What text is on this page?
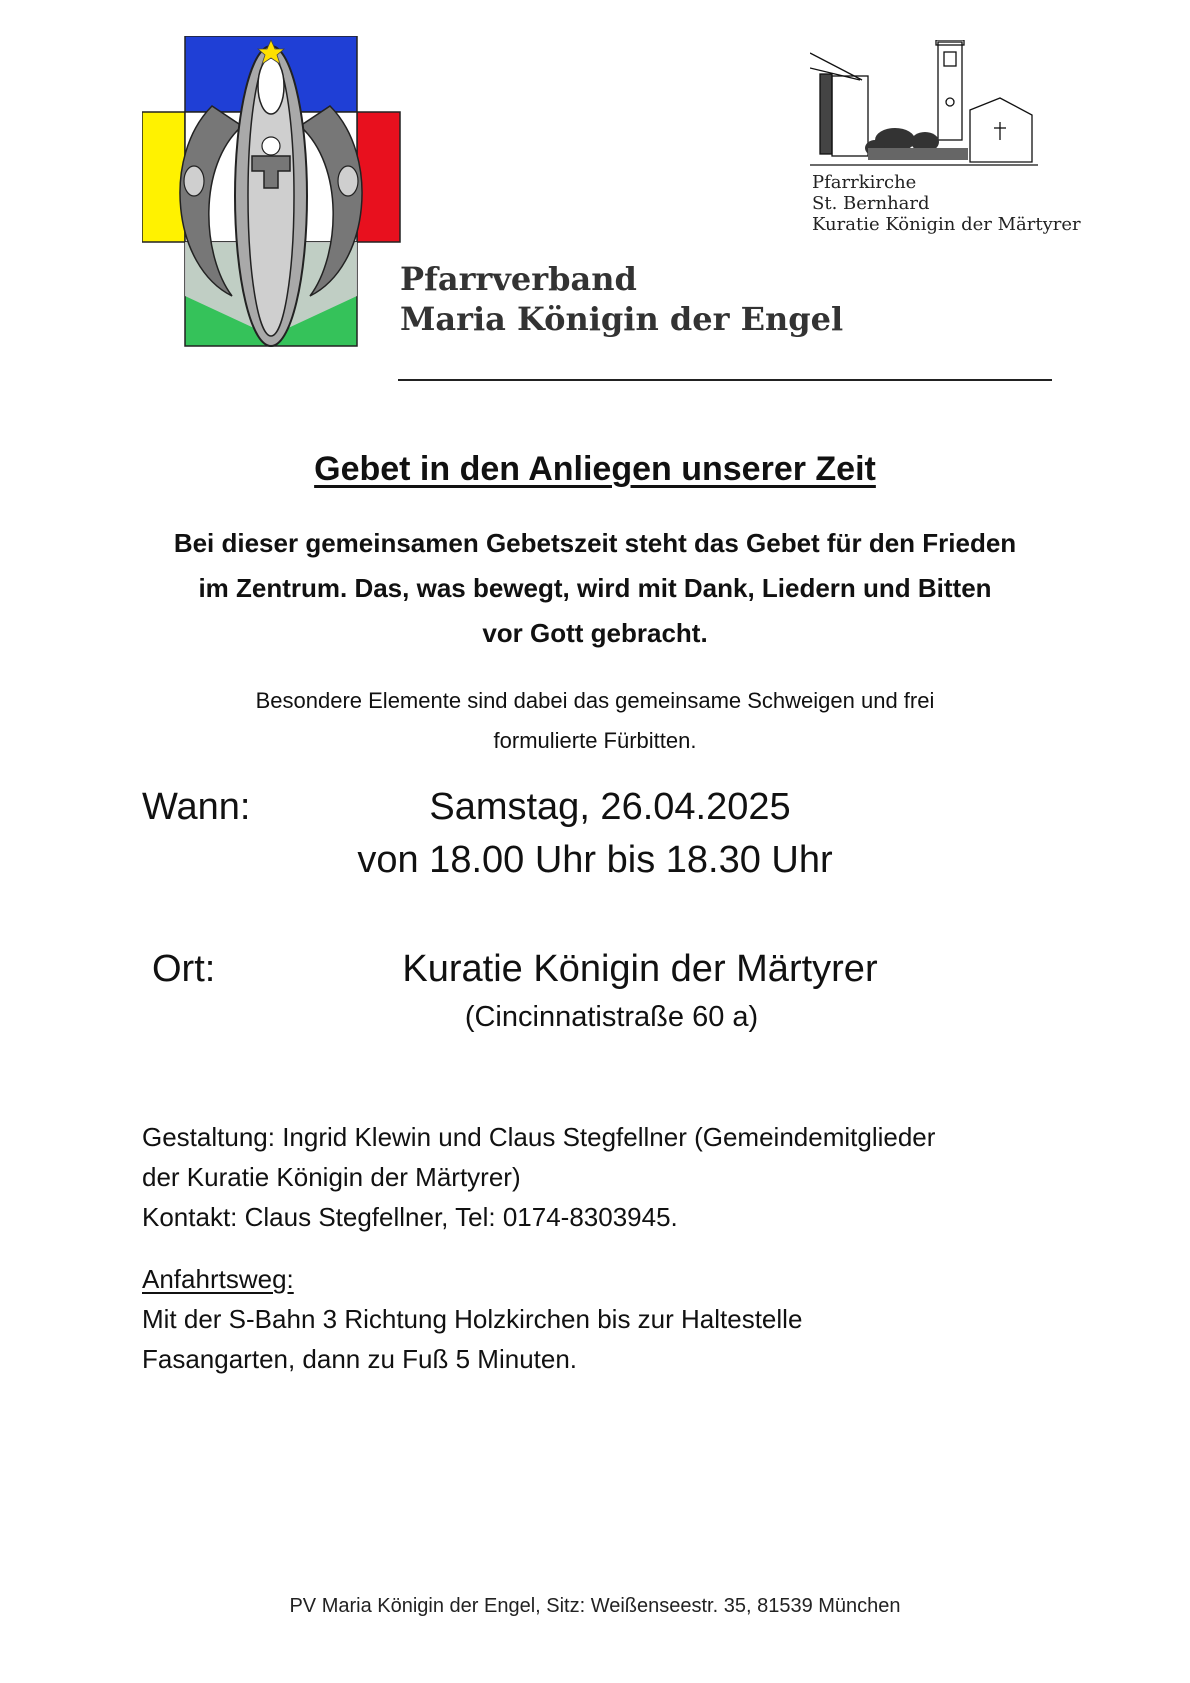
Pfarrkirche
St. Bernhard
Kuratie Königin der Märtyrer
Pfarrverband
Maria Königin der Engel
Gebet in den Anliegen unserer Zeit
Bei dieser gemeinsamen Gebetszeit steht das Gebet für den Frieden
im Zentrum. Das, was bewegt, wird mit Dank, Liedern und Bitten
vor Gott gebracht.
Besondere Elemente sind dabei das gemeinsame Schweigen und frei
formulierte Fürbitten.
Wann:	Samstag, 26.04.2025
von 18.00 Uhr bis 18.30 Uhr
Ort:	Kuratie Königin der Märtyrer
(Cincinnatistraße 60 a)
Gestaltung: Ingrid Klewin und Claus Stegfellner (Gemeindemitglieder
der Kuratie Königin der Märtyrer)
Kontakt: Claus Stegfellner, Tel: 0174-8303945.
Anfahrtsweg:
Mit der S-Bahn 3 Richtung Holzkirchen bis zur Haltestelle
Fasangarten, dann zu Fuß 5 Minuten.
PV Maria Königin der Engel, Sitz: Weißenseestr. 35, 81539 München
